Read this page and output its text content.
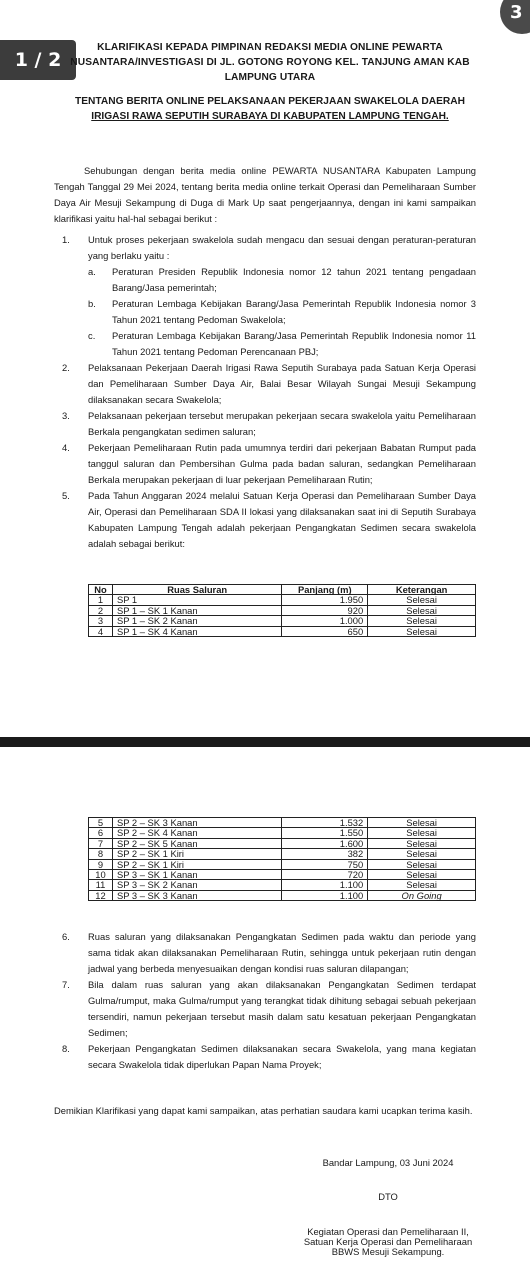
3
1 / 2
KLARIFIKASI KEPADA PIMPINAN REDAKSI MEDIA ONLINE PEWARTA
NUSANTARA/INVESTIGASI DI JL. GOTONG ROYONG KEL. TANJUNG AMAN KAB
LAMPUNG UTARA
TENTANG BERITA ONLINE PELAKSANAAN PEKERJAAN SWAKELOLA DAERAH
IRIGASI RAWA SEPUTIH SURABAYA DI KABUPATEN LAMPUNG TENGAH.
Sehubungan dengan berita media online PEWARTA NUSANTARA Kabupaten Lampung Tengah Tanggal 29 Mei 2024, tentang berita media online terkait Operasi dan Pemeliharaan Sumber Daya Air Mesuji Sekampung di Duga di Mark Up saat pengerjaannya, dengan ini kami sampaikan klarifikasi yaitu hal-hal sebagai berikut :
1.	Untuk proses pekerjaan swakelola sudah mengacu dan sesuai dengan peraturan-peraturan yang berlaku yaitu :
a.	Peraturan Presiden Republik Indonesia nomor 12 tahun 2021 tentang pengadaan Barang/Jasa pemerintah;
b.	Peraturan Lembaga Kebijakan Barang/Jasa Pemerintah Republik Indonesia nomor 3 Tahun 2021 tentang Pedoman Swakelola;
c.	Peraturan Lembaga Kebijakan Barang/Jasa Pemerintah Republik Indonesia nomor 11 Tahun 2021 tentang Pedoman Perencanaan PBJ;
2.	Pelaksanaan Pekerjaan Daerah Irigasi Rawa Seputih Surabaya pada Satuan Kerja Operasi dan Pemeliharaan Sumber Daya Air, Balai Besar Wilayah Sungai Mesuji Sekampung dilaksanakan secara Swakelola;
3.	Pelaksanaan pekerjaan tersebut merupakan pekerjaan secara swakelola yaitu Pemeliharaan Berkala pengangkatan sedimen saluran;
4.	Pekerjaan Pemeliharaan Rutin pada umumnya terdiri dari pekerjaan Babatan Rumput pada tanggul saluran dan Pembersihan Gulma pada badan saluran, sedangkan Pemeliharaan Berkala merupakan pekerjaan di luar pekerjaan Pemeliharaan Rutin;
5.	Pada Tahun Anggaran 2024 melalui Satuan Kerja Operasi dan Pemeliharaan Sumber Daya Air, Operasi dan Pemeliharaan SDA II lokasi yang dilaksanakan saat ini di Seputih Surabaya Kabupaten Lampung Tengah adalah pekerjaan Pengangkatan Sedimen secara swakelola adalah sebagai berikut:
No	Ruas Saluran	Panjang (m)	Keterangan
1	SP 1	1.950	Selesai
2	SP 1 – SK 1 Kanan	920	Selesai
3	SP 1 – SK 2 Kanan	1.000	Selesai
4	SP 1 – SK 4 Kanan	650	Selesai
5	SP 2 – SK 3 Kanan	1.532	Selesai
6	SP 2 – SK 4 Kanan	1.550	Selesai
7	SP 2 – SK 5 Kanan	1.600	Selesai
8	SP 2 – SK 1 Kiri	382	Selesai
9	SP 2 – SK 1 Kiri	750	Selesai
10	SP 3 – SK 1 Kanan	720	Selesai
11	SP 3 – SK 2 Kanan	1.100	Selesai
12	SP 3 – SK 3 Kanan	1.100	On Going
6.	Ruas saluran yang dilaksanakan Pengangkatan Sedimen pada waktu dan periode yang sama tidak akan dilaksanakan Pemeliharaan Rutin, sehingga untuk pekerjaan rutin dengan jadwal yang berbeda menyesuaikan dengan kondisi ruas saluran dilapangan;
7.	Bila dalam ruas saluran yang akan dilaksanakan Pengangkatan Sedimen terdapat Gulma/rumput, maka Gulma/rumput yang terangkat tidak dihitung sebagai sebuah pekerjaan tersendiri, namun pekerjaan tersebut masih dalam satu kesatuan pekerjaan Pengangkatan Sedimen;
8.	Pekerjaan Pengangkatan Sedimen dilaksanakan secara Swakelola, yang mana kegiatan secara Swakelola tidak diperlukan Papan Nama Proyek;
Demikian Klarifikasi yang dapat kami sampaikan, atas perhatian saudara kami ucapkan terima kasih.
Bandar Lampung, 03 Juni 2024
DTO
Kegiatan Operasi dan Pemeliharaan II,
Satuan Kerja Operasi dan Pemeliharaan
BBWS Mesuji Sekampung.
